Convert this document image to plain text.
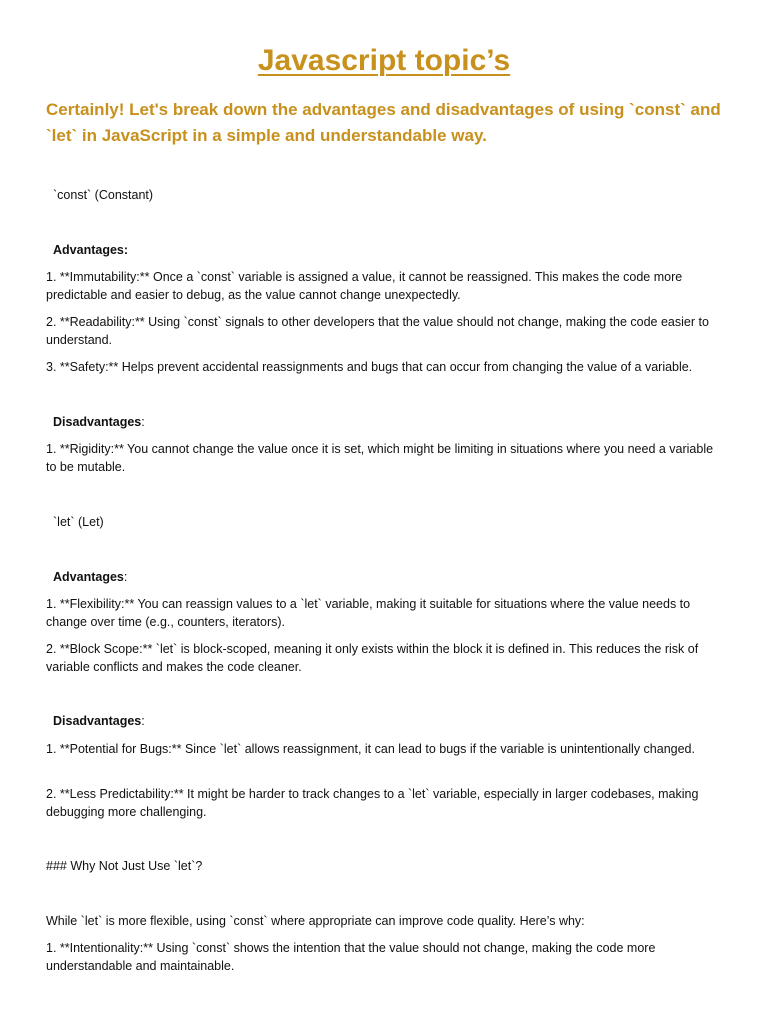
Javascript topic’s
Certainly! Let's break down the advantages and disadvantages of using `const` and `let` in JavaScript in a simple and understandable way.
`const` (Constant)
Advantages:
1. **Immutability:** Once a `const` variable is assigned a value, it cannot be reassigned. This makes the code more predictable and easier to debug, as the value cannot change unexpectedly.
2. **Readability:** Using `const` signals to other developers that the value should not change, making the code easier to understand.
3. **Safety:** Helps prevent accidental reassignments and bugs that can occur from changing the value of a variable.
Disadvantages:
1. **Rigidity:** You cannot change the value once it is set, which might be limiting in situations where you need a variable to be mutable.
`let` (Let)
Advantages:
1. **Flexibility:** You can reassign values to a `let` variable, making it suitable for situations where the value needs to change over time (e.g., counters, iterators).
2. **Block Scope:** `let` is block-scoped, meaning it only exists within the block it is defined in. This reduces the risk of variable conflicts and makes the code cleaner.
Disadvantages:
1. **Potential for Bugs:** Since `let` allows reassignment, it can lead to bugs if the variable is unintentionally changed.
2. **Less Predictability:** It might be harder to track changes to a `let` variable, especially in larger codebases, making debugging more challenging.
### Why Not Just Use `let`?
While `let` is more flexible, using `const` where appropriate can improve code quality. Here’s why:
1. **Intentionality:** Using `const` shows the intention that the value should not change, making the code more understandable and maintainable.
